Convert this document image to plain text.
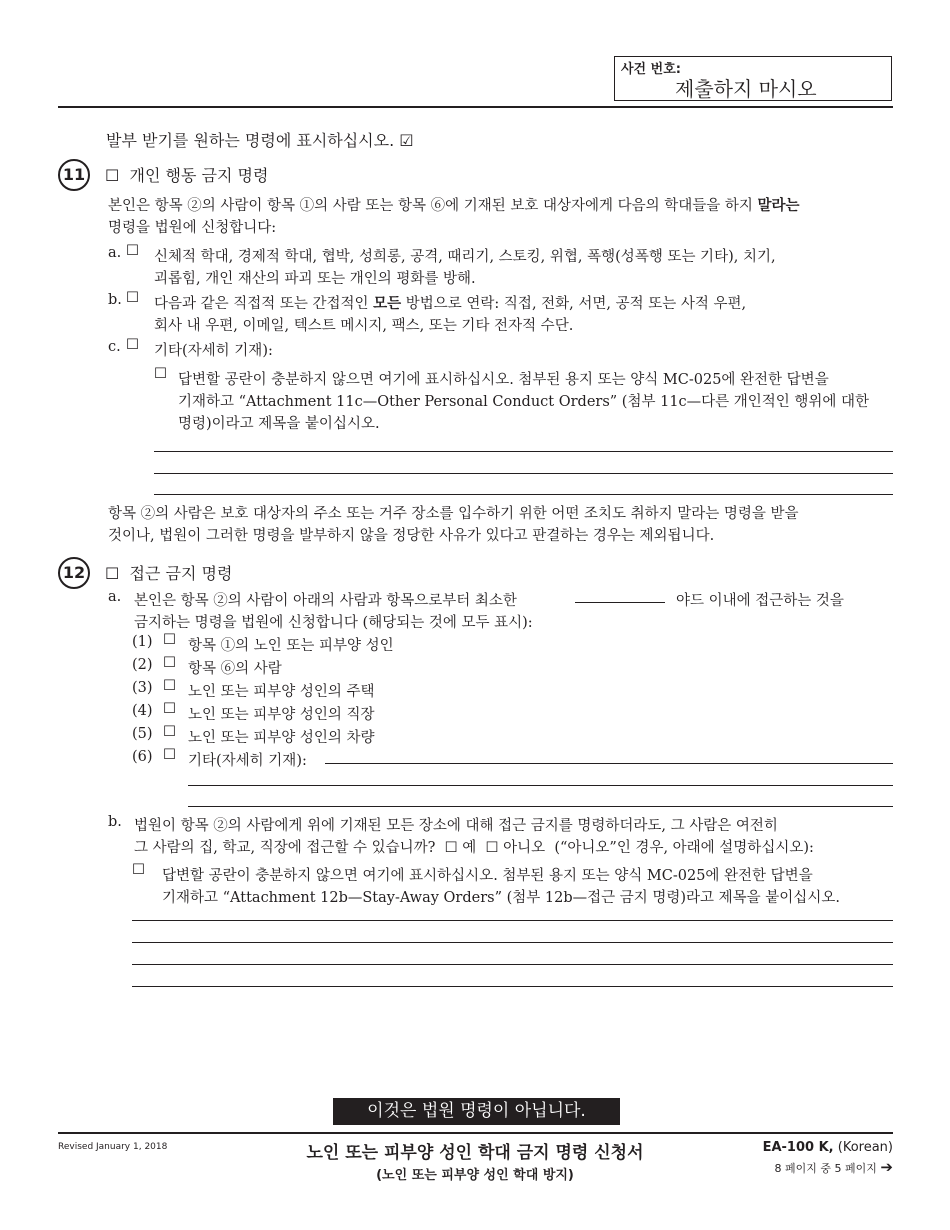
사건 번호:
제출하지 마시오
발부 받기를 원하는 명령에 표시하십시오. ☑
11	☐ 개인 행동 금지 명령
본인은 항목 ②의 사람이 항목 ①의 사람 또는 항목 ⑥에 기재된 보호 대상자에게 다음의 학대들을 하지 말라는
명령을 법원에 신청합니다:
a. ☐ 신체적 학대, 경제적 학대, 협박, 성희롱, 공격, 때리기, 스토킹, 위협, 폭행(성폭행 또는 기타), 치기,
괴롭힘, 개인 재산의 파괴 또는 개인의 평화를 방해.
b. ☐ 다음과 같은 직접적 또는 간접적인 모든 방법으로 연락: 직접, 전화, 서면, 공적 또는 사적 우편,
회사 내 우편, 이메일, 텍스트 메시지, 팩스, 또는 기타 전자적 수단.
c. ☐ 기타(자세히 기재):
☐ 답변할 공란이 충분하지 않으면 여기에 표시하십시오. 첨부된 용지 또는 양식 MC-025에 완전한 답변을
기재하고 “Attachment 11c—Other Personal Conduct Orders” (첨부 11c—다른 개인적인 행위에 대한
명령)이라고 제목을 붙이십시오.
항목 ②의 사람은 보호 대상자의 주소 또는 거주 장소를 입수하기 위한 어떤 조치도 취하지 말라는 명령을 받을
것이나, 법원이 그러한 명령을 발부하지 않을 정당한 사유가 있다고 판결하는 경우는 제외됩니다.
12	☐ 접근 금지 명령
a. 본인은 항목 ②의 사람이 아래의 사람과 항목으로부터 최소한	야드 이내에 접근하는 것을
금지하는 명령을 법원에 신청합니다 (해당되는 것에 모두 표시):
(1) ☐ 항목 ①의 노인 또는 피부양 성인
(2) ☐ 항목 ⑥의 사람
(3) ☐ 노인 또는 피부양 성인의 주택
(4) ☐ 노인 또는 피부양 성인의 직장
(5) ☐ 노인 또는 피부양 성인의 차량
(6) ☐ 기타(자세히 기재):
b. 법원이 항목 ②의 사람에게 위에 기재된 모든 장소에 대해 접근 금지를 명령하더라도, 그 사람은 여전히
그 사람의 집, 학교, 직장에 접근할 수 있습니까? ☐ 예 ☐ 아니오 (“아니오”인 경우, 아래에 설명하십시오):
☐ 답변할 공란이 충분하지 않으면 여기에 표시하십시오. 첨부된 용지 또는 양식 MC-025에 완전한 답변을
기재하고 “Attachment 12b—Stay-Away Orders” (첨부 12b—접근 금지 명령)라고 제목을 붙이십시오.
이것은 법원 명령이 아닙니다.
Revised January 1, 2018	노인 또는 피부양 성인 학대 금지 명령 신청서
(노인 또는 피부양 성인 학대 방지)
EA-100 K, (Korean)
8 페이지 중 5 페이지 ➔
